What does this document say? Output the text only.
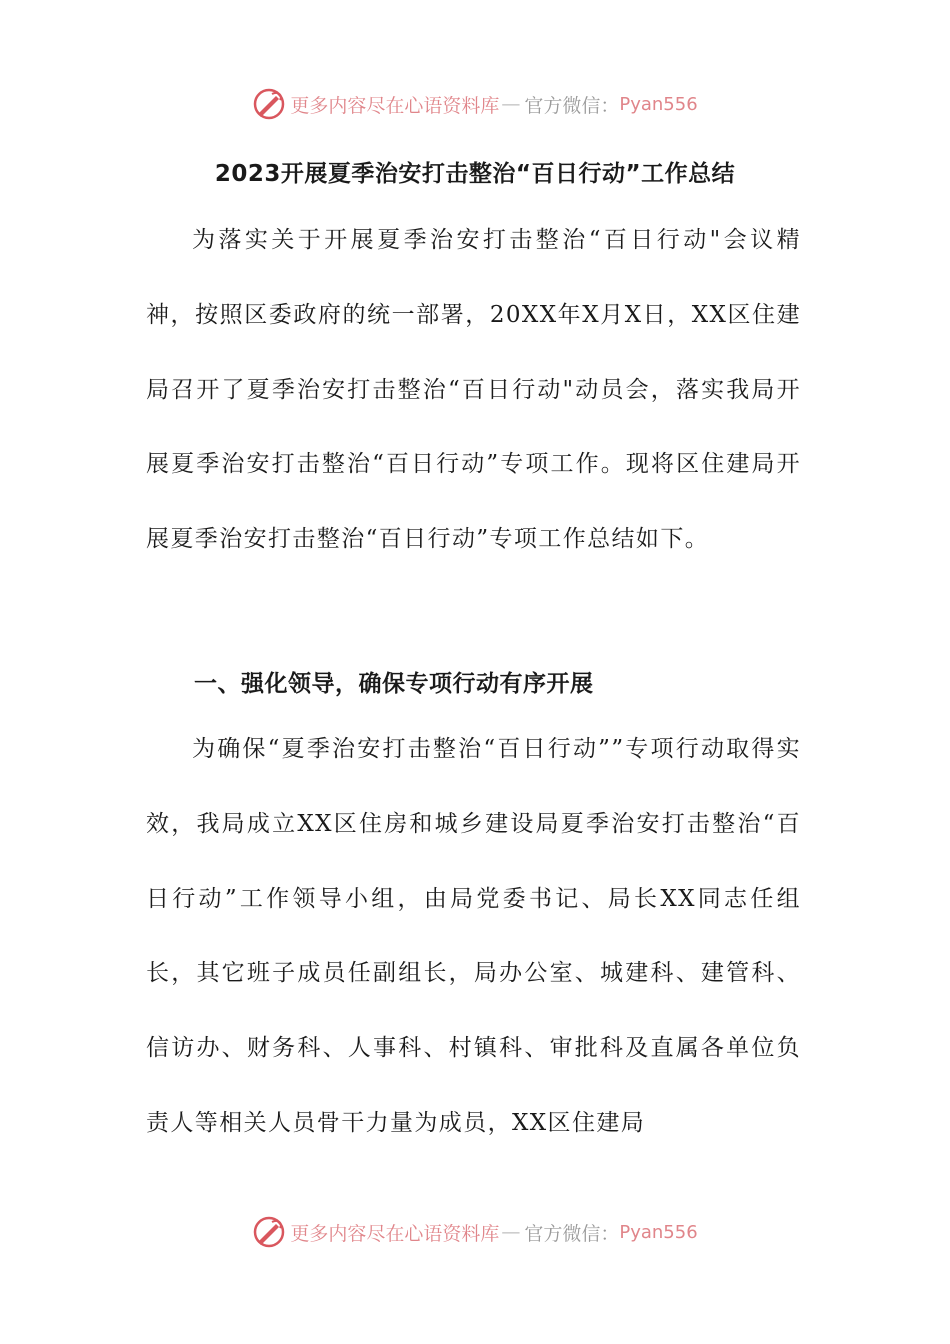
更多内容尽在心语资料库 — 官方微信： Pyan556
2023开展夏季治安打击整治“百日行动”工作总结

为落实关于开展夏季治安打击整治“百日行动"会议精神，按照区委政府的统一部署，20XX年X月X日，XX区住建局召开了夏季治安打击整治“百日行动"动员会，落实我局开展夏季治安打击整治“百日行动”专项工作。现将区住建局开展夏季治安打击整治“百日行动”专项工作总结如下。

一、强化领导，确保专项行动有序开展

为确保“夏季治安打击整治“百日行动””专项行动取得实效，我局成立XX区住房和城乡建设局夏季治安打击整治“百日行动”工作领导小组，由局党委书记、局长XX同志任组长，其它班子成员任副组长，局办公室、城建科、建管科、信访办、财务科、人事科、村镇科、审批科及直属各单位负责人等相关人员骨干力量为成员，XX区住建局

更多内容尽在心语资料库 — 官方微信： Pyan556
